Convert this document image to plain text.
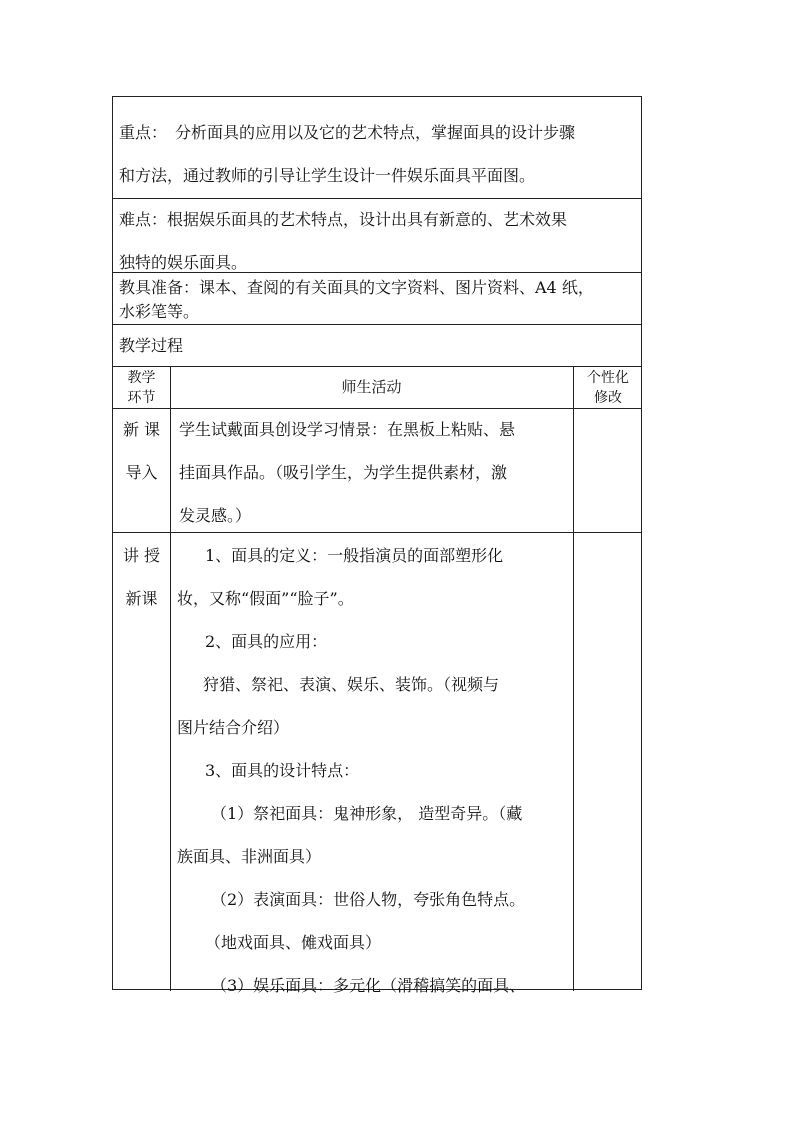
重点： 分析面具的应用以及它的艺术特点，掌握面具的设计步骤
和方法，通过教师的引导让学生设计一件娱乐面具平面图。
难点：根据娱乐面具的艺术特点，设计出具有新意的、艺术效果
独特的娱乐面具。
教具准备：课本、查阅的有关面具的文字资料、图片资料、A4 纸，
水彩笔等。
教学过程
教学
环节
师生活动	个性化
修改
新 课
导入
学生试戴面具创设学习情景：在黑板上粘贴、悬
挂面具作品。（吸引学生，为学生提供素材，激
发灵感。）
讲 授
新课
1、面具的定义：一般指演员的面部塑形化
妆，又称“假面”“脸子”。
2、面具的应用：
狩猎、祭祀、表演、娱乐、装饰。（视频与
图片结合介绍）
3、面具的设计特点：
（1）祭祀面具：鬼神形象， 造型奇异。（藏
族面具、非洲面具）
（2）表演面具：世俗人物，夸张角色特点。
（地戏面具、傩戏面具）
（3）娱乐面具：多元化（滑稽搞笑的面具、
